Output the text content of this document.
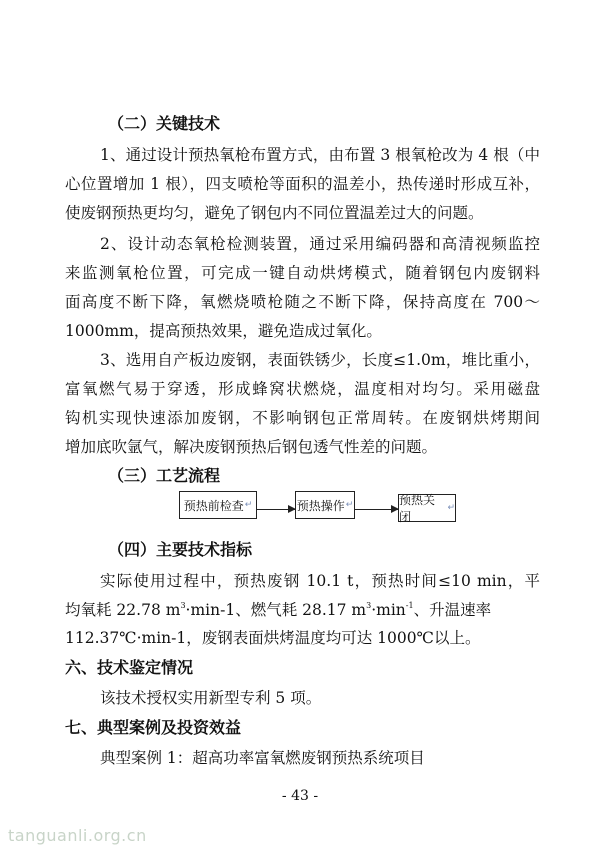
（二）关键技术
1、通过设计预热氧枪布置方式，由布置 3 根氧枪改为 4 根（中
心位置增加 1 根），四支喷枪等面积的温差小，热传递时形成互补，
使废钢预热更均匀，避免了钢包内不同位置温差过大的问题。
2、设计动态氧枪检测装置，通过采用编码器和高清视频监控
来监测氧枪位置，可完成一键自动烘烤模式，随着钢包内废钢料
面高度不断下降，氧燃烧喷枪随之不断下降，保持高度在 700～
1000mm，提高预热效果，避免造成过氧化。
3、选用自产板边废钢，表面铁锈少，长度≤1.0m，堆比重小，
富氧燃气易于穿透，形成蜂窝状燃烧，温度相对均匀。采用磁盘
钩机实现快速添加废钢，不影响钢包正常周转。在废钢烘烤期间
增加底吹氩气，解决废钢预热后钢包透气性差的问题。
（三）工艺流程
预热前检查 ↵	预热操作 ↵	预热关闭
↵
（四）主要技术指标
实际使用过程中，预热废钢 10.1 t，预热时间≤10 min，平
均氧耗 22.78 $m^3\cdot\min-1$、燃气耗 28.17 $m^3\cdot\min^{-1}$、升温速率
112.37℃·min-1，废钢表面烘烤温度均可达 1000℃以上。
六、技术鉴定情况
该技术授权实用新型专利 5 项。
七、典型案例及投资效益
典型案例 1：超高功率富氧燃废钢预热系统项目
- 43 -
tanguanli.org.cn
